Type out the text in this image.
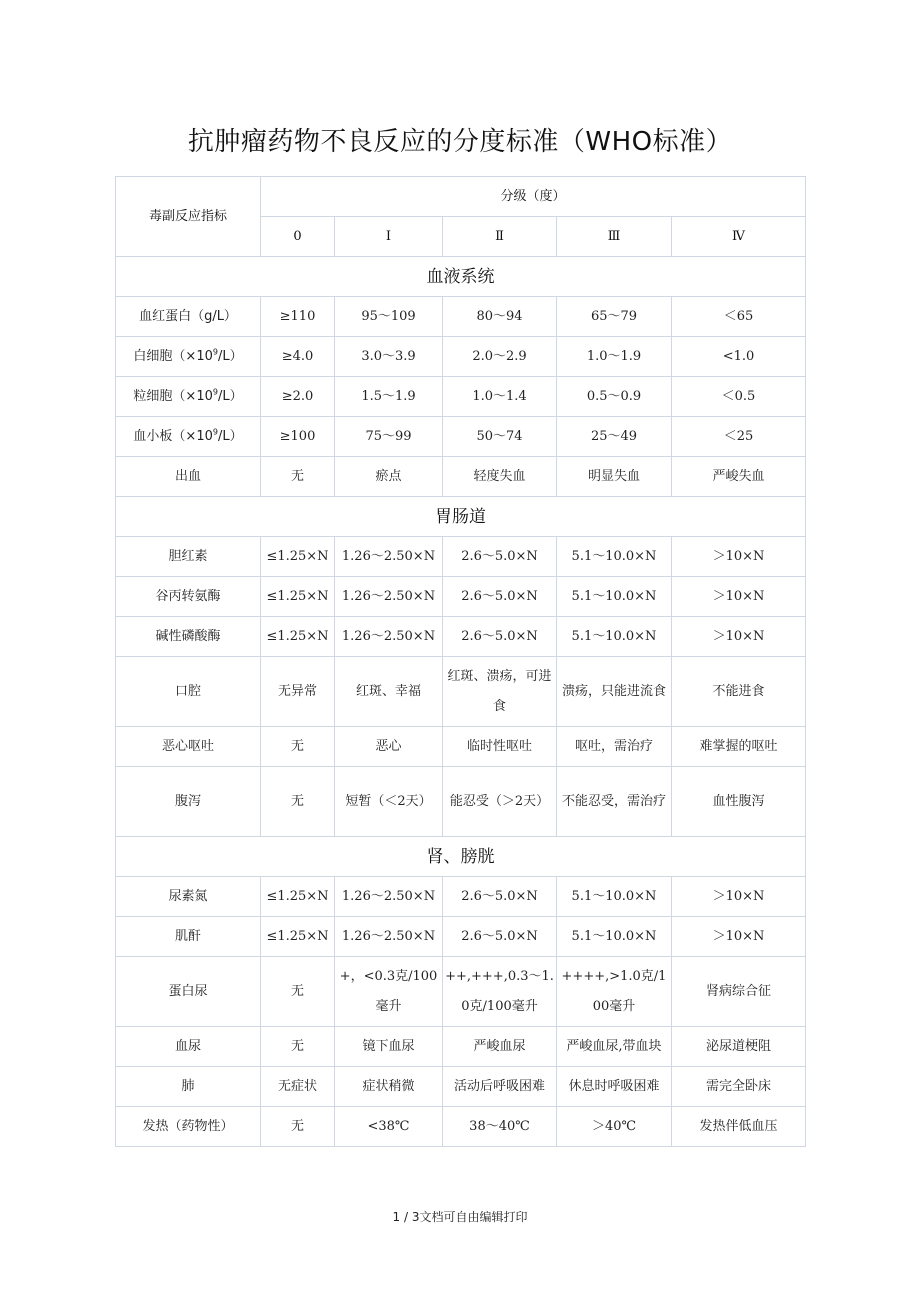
抗肿瘤药物不良反应的分度标准（WHO标准）
毒副反应指标	分级（度）				
	0	Ⅰ	Ⅱ	Ⅲ	Ⅳ
血液系统					
血红蛋白（g/L）	≥110	95～109	80～94	65～79	＜65
白细胞$(\times 10^9/L)$	≥4.0	3.0～3.9	2.0～2.9	1.0～1.9	<1.0
粒细胞$(\times 10^9/L)$	≥2.0	1.5～1.9	1.0～1.4	0.5～0.9	＜0.5
血小板$(\times 10^9/L)$	≥100	75～99	50～74	25～49	＜25
出血	无	瘀点	轻度失血	明显失血	严峻失血
胃肠道					
胆红素	≤1.25×N	1.26～2.50×N	2.6～5.0×N	5.1～10.0×N	＞10×N
谷丙转氨酶	≤1.25×N	1.26～2.50×N	2.6～5.0×N	5.1～10.0×N	＞10×N
碱性磷酸酶	≤1.25×N	1.26～2.50×N	2.6～5.0×N	5.1～10.0×N	＞10×N
口腔	无异常	红斑、幸福	红斑、溃疡，可进食	溃疡，只能进流食	不能进食
恶心呕吐	无	恶心	临时性呕吐	呕吐，需治疗	难掌握的呕吐
腹泻	无	短暂（＜2天）	能忍受（＞2天）	不能忍受，需治疗	血性腹泻
肾、膀胱					
尿素氮	≤1.25×N	1.26～2.50×N	2.6～5.0×N	5.1～10.0×N	＞10×N
肌酐	≤1.25×N	1.26～2.50×N	2.6～5.0×N	5.1～10.0×N	＞10×N
蛋白尿	无	+，<0.3克/100毫升	++,+++,0.3～1.0克/100毫升	++++,>1.0克/100毫升	肾病综合征
血尿	无	镜下血尿	严峻血尿	严峻血尿,带血块	泌尿道梗阻
肺	无症状	症状稍微	活动后呼吸困难	休息时呼吸困难	需完全卧床
发热（药物性）	无	<38℃	38～40℃	＞40℃	发热伴低血压
1 / 3文档可自由编辑打印
